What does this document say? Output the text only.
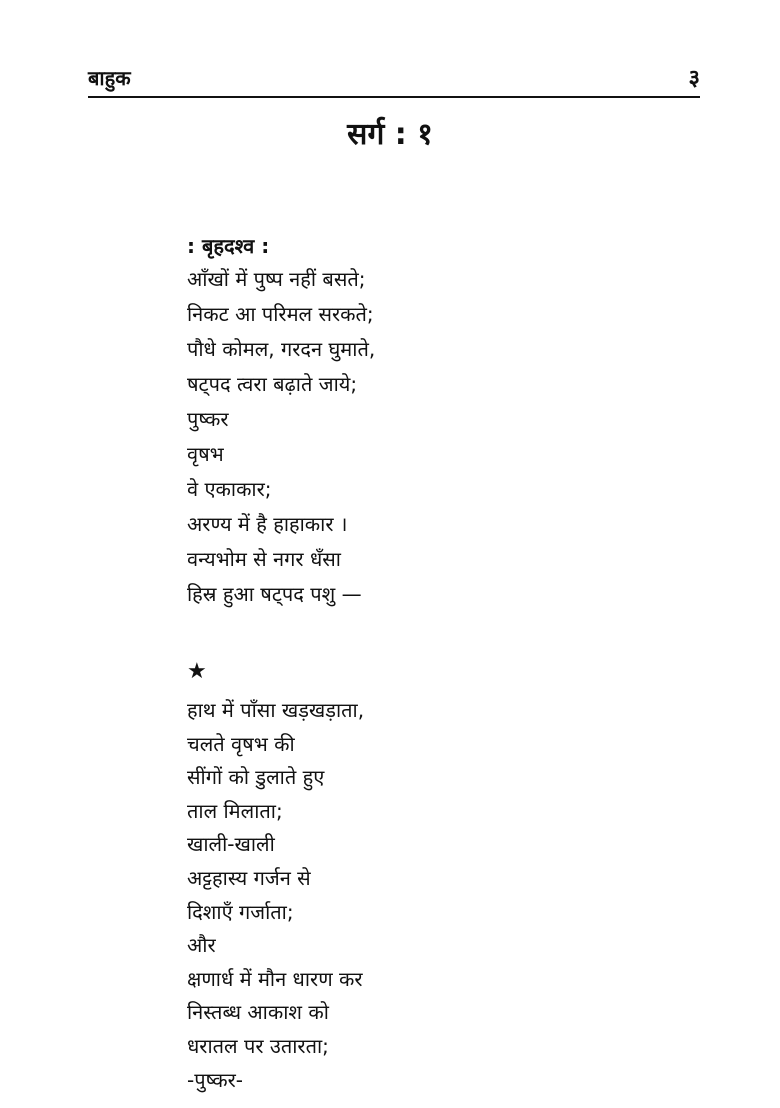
बाहुक	३
सर्ग : १
: बृहदश्व :
आँखों में पुष्प नहीं बसते;
निकट आ परिमल सरकते;
पौधे कोमल, गरदन घुमाते,
षट्पद त्वरा बढ़ाते जाये;
पुष्कर
वृषभ
वे एकाकार;
अरण्य में है हाहाकार ।
वन्यभोम से नगर धँसा
हिस्र हुआ षट्पद पशु —
★
हाथ में पाँसा खड़खड़ाता,
चलते वृषभ की
सींगों को डुलाते हुए
ताल मिलाता;
खाली-खाली
अट्टहास्य गर्जन से
दिशाएँ गर्जाता;
और
क्षणार्ध में मौन धारण कर
निस्तब्ध आकाश को
धरातल पर उतारता;
-पुष्कर-
